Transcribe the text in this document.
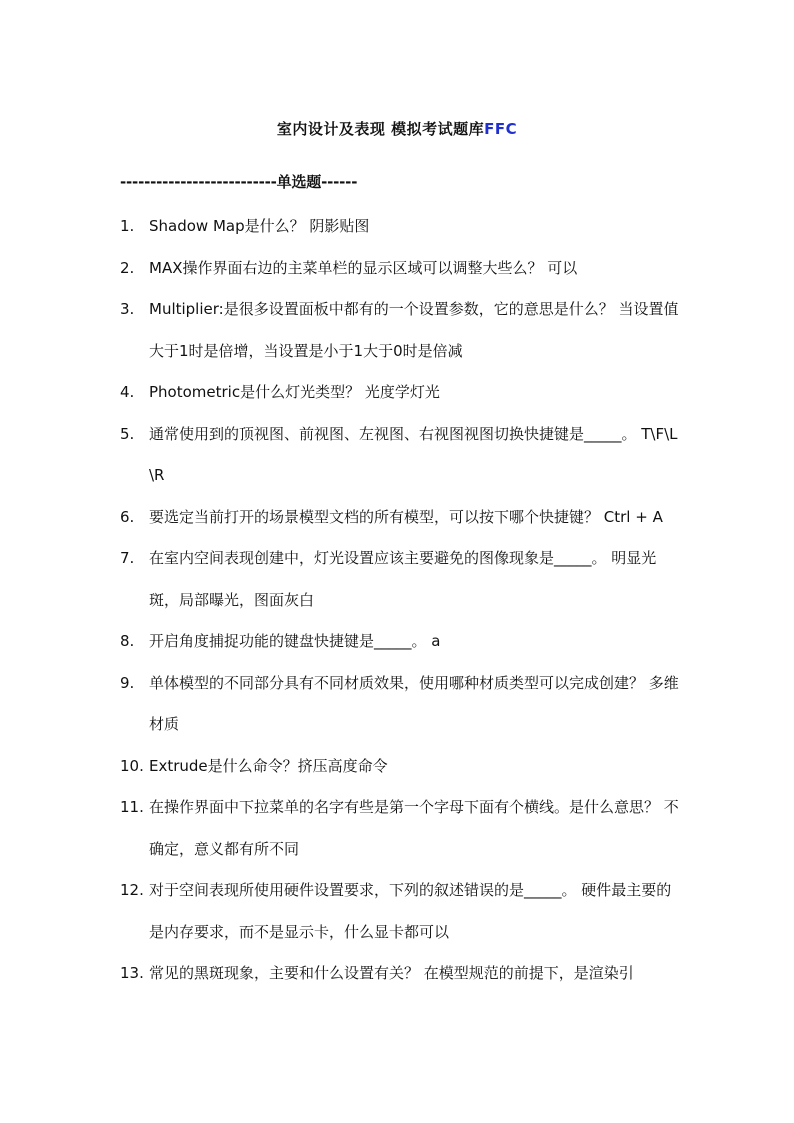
室内设计及表现 模拟考试题库FFC
--------------------------单选题------
1. Shadow Map是什么？ 阴影贴图
2. MAX操作界面右边的主菜单栏的显示区域可以调整大些么？ 可以
3. Multiplier:是很多设置面板中都有的一个设置参数，它的意思是什么？ 当设置值大于1时是倍增，当设置是小于1大于0时是倍减
4. Photometric是什么灯光类型？ 光度学灯光
5. 通常使用到的顶视图、前视图、左视图、右视图视图切换快捷键是_____。 T\F\L\R
6. 要选定当前打开的场景模型文档的所有模型，可以按下哪个快捷键？ Ctrl + A
7. 在室内空间表现创建中，灯光设置应该主要避免的图像现象是_____。 明显光斑，局部曝光，图面灰白
8. 开启角度捕捉功能的键盘快捷键是_____。 a
9. 单体模型的不同部分具有不同材质效果，使用哪种材质类型可以完成创建？ 多维材质
10. Extrude是什么命令？挤压高度命令
11. 在操作界面中下拉菜单的名字有些是第一个字母下面有个横线。是什么意思？ 不确定，意义都有所不同
12. 对于空间表现所使用硬件设置要求，下列的叙述错误的是_____。 硬件最主要的是内存要求，而不是显示卡，什么显卡都可以
13. 常见的黑斑现象，主要和什么设置有关？ 在模型规范的前提下，是渲染引
